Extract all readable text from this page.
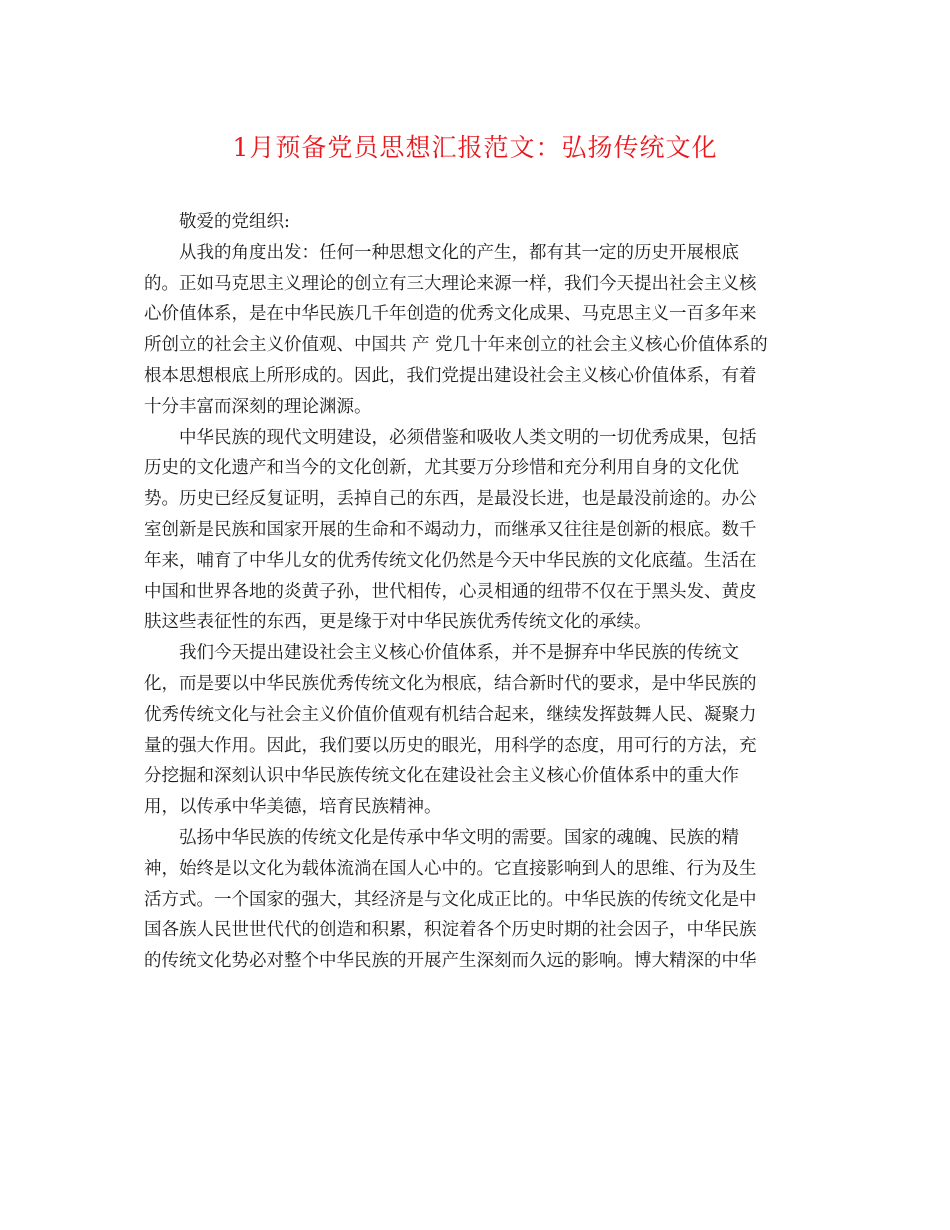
1月预备党员思想汇报范文：弘扬传统文化
敬爱的党组织:
从我的角度出发：任何一种思想文化的产生，都有其一定的历史开展根底
的。正如马克思主义理论的创立有三大理论来源一样，我们今天提出社会主义核
心价值体系，是在中华民族几千年创造的优秀文化成果、马克思主义一百多年来
所创立的社会主义价值观、中国共 产 党几十年来创立的社会主义核心价值体系的
根本思想根底上所形成的。因此，我们党提出建设社会主义核心价值体系，有着
十分丰富而深刻的理论渊源。
中华民族的现代文明建设，必须借鉴和吸收人类文明的一切优秀成果，包括
历史的文化遗产和当今的文化创新，尤其要万分珍惜和充分利用自身的文化优
势。历史已经反复证明，丢掉自己的东西，是最没长进，也是最没前途的。办公
室创新是民族和国家开展的生命和不竭动力，而继承又往往是创新的根底。数千
年来，哺育了中华儿女的优秀传统文化仍然是今天中华民族的文化底蕴。生活在
中国和世界各地的炎黄子孙，世代相传，心灵相通的纽带不仅在于黑头发、黄皮
肤这些表征性的东西，更是缘于对中华民族优秀传统文化的承续。
我们今天提出建设社会主义核心价值体系，并不是摒弃中华民族的传统文
化，而是要以中华民族优秀传统文化为根底，结合新时代的要求，是中华民族的
优秀传统文化与社会主义价值价值观有机结合起来，继续发挥鼓舞人民、凝聚力
量的强大作用。因此，我们要以历史的眼光，用科学的态度，用可行的方法，充
分挖掘和深刻认识中华民族传统文化在建设社会主义核心价值体系中的重大作
用，以传承中华美德，培育民族精神。
弘扬中华民族的传统文化是传承中华文明的需要。国家的魂魄、民族的精
神，始终是以文化为载体流淌在国人心中的。它直接影响到人的思维、行为及生
活方式。一个国家的强大，其经济是与文化成正比的。中华民族的传统文化是中
国各族人民世世代代的创造和积累，积淀着各个历史时期的社会因子，中华民族
的传统文化势必对整个中华民族的开展产生深刻而久远的影响。博大精深的中华
